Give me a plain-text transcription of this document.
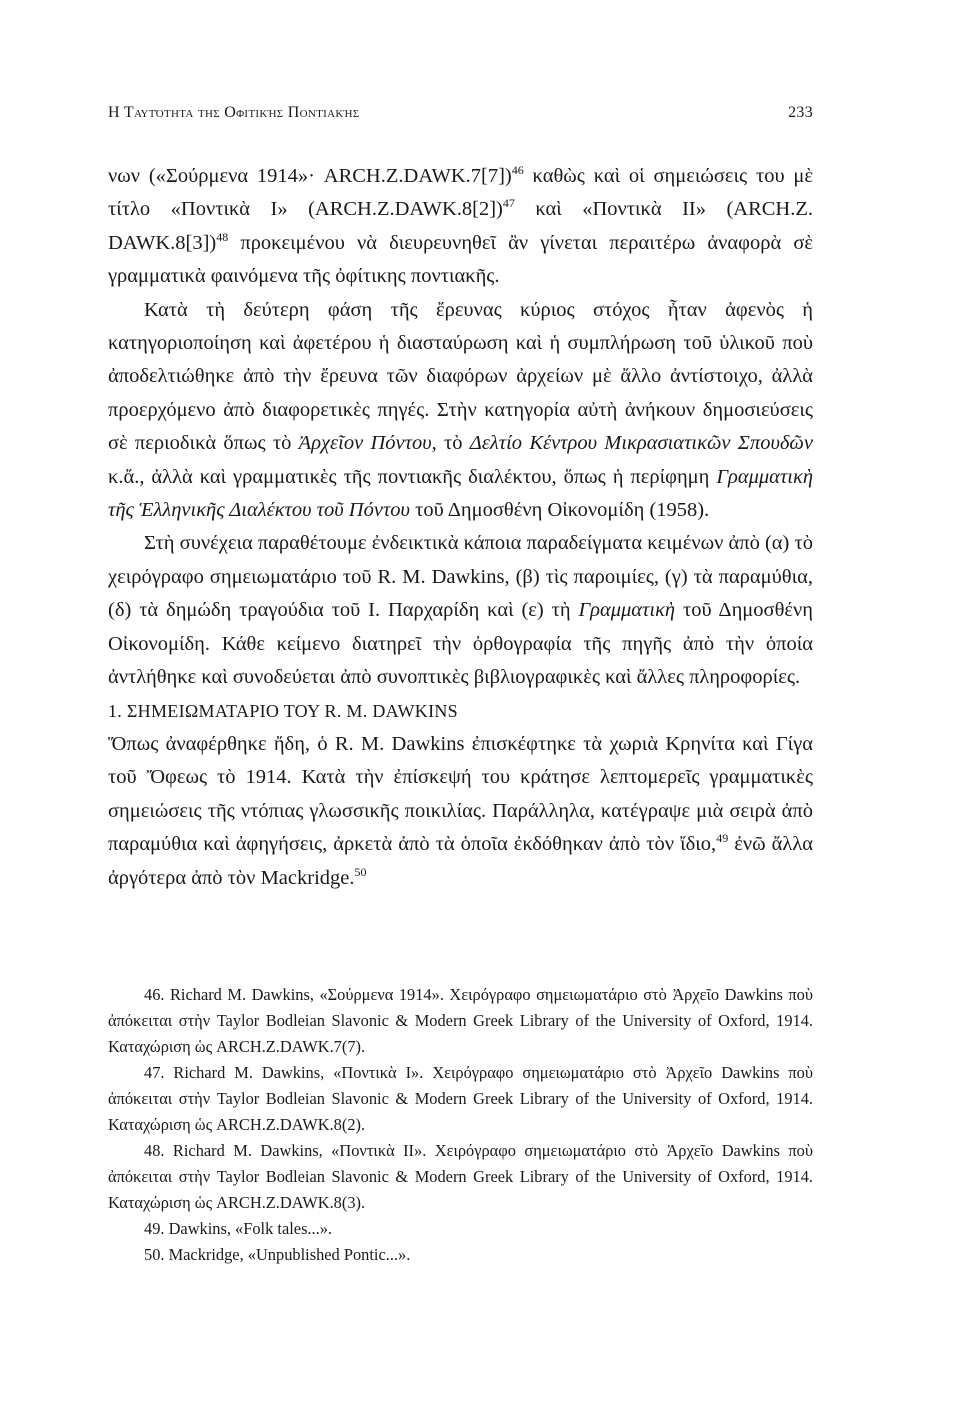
Η Ταυτότητα της Οφιτικής Ποντιακής	233

νων («Σούρμενα 1914»· ARCH.Z.DAWK.7[7])$^{46}$ καθὼς καὶ οἱ σημειώσεις του μὲ τίτλο «Ποντικὰ Ι» (ARCH.Z.DAWK.8[2])$^{47}$ καὶ «Ποντικὰ ΙΙ» (ARCH.Z. DAWK.8[3])$^{48}$ προκειμένου νὰ διευρευνηθεῖ ἂν γίνεται περαιτέρω ἀναφορὰ σὲ γραμματικὰ φαινόμενα τῆς ὀφίτικης ποντιακῆς.

Κατὰ τὴ δεύτερη φάση τῆς ἔρευνας κύριος στόχος ἦταν ἀφενὸς ἡ κατηγοριοποίηση καὶ ἀφετέρου ἡ διασταύρωση καὶ ἡ συμπλήρωση τοῦ ὑλικοῦ ποὺ ἀποδελτιώθηκε ἀπὸ τὴν ἔρευνα τῶν διαφόρων ἀρχείων μὲ ἄλλο ἀντίστοιχο, ἀλλὰ προερχόμενο ἀπὸ διαφορετικὲς πηγές. Στὴν κατηγορία αὐτὴ ἀνήκουν δημοσιεύσεις σὲ περιοδικὰ ὅπως τὸ Ἀρχεῖον Πόντου, τὸ Δελτίο Κέντρου Μικρασιατικῶν Σπουδῶν κ.ἄ., ἀλλὰ καὶ γραμματικὲς τῆς ποντιακῆς διαλέκτου, ὅπως ἡ περίφημη Γραμματικὴ τῆς Ἑλληνικῆς Διαλέκτου τοῦ Πόντου τοῦ Δημοσθένη Οἰκονομίδη (1958).

Στὴ συνέχεια παραθέτουμε ἐνδεικτικὰ κάποια παραδείγματα κειμένων ἀπὸ (α) τὸ χειρόγραφο σημειωματάριο τοῦ R. M. Dawkins, (β) τὶς παροιμίες, (γ) τὰ παραμύθια, (δ) τὰ δημώδη τραγούδια τοῦ Ι. Παρχαρίδη καὶ (ε) τὴ Γραμματικὴ τοῦ Δημοσθένη Οἰκονομίδη. Κάθε κείμενο διατηρεῖ τὴν ὀρθογραφία τῆς πηγῆς ἀπὸ τὴν ὁποία ἀντλήθηκε καὶ συνοδεύεται ἀπὸ συνοπτικὲς βιβλιογραφικὲς καὶ ἄλλες πληροφορίες.

1. ΣΗΜΕΙΩΜΑΤΑΡΙΟ ΤΟΥ R. M. DAWKINS

Ὅπως ἀναφέρθηκε ἤδη, ὁ R. M. Dawkins ἐπισκέφτηκε τὰ χωριὰ Κρηνίτα καὶ Γίγα τοῦ Ὄφεως τὸ 1914. Κατὰ τὴν ἐπίσκεψή του κράτησε λεπτομερεῖς γραμματικὲς σημειώσεις τῆς ντόπιας γλωσσικῆς ποικιλίας. Παράλληλα, κατέγραψε μιὰ σειρὰ ἀπὸ παραμύθια καὶ ἀφηγήσεις, ἀρκετὰ ἀπὸ τὰ ὁποῖα ἐκδόθηκαν ἀπὸ τὸν ἴδιο,$^{49}$ ἐνῶ ἄλλα ἀργότερα ἀπὸ τὸν Mackridge.$^{50}$

46. Richard M. Dawkins, «Σούρμενα 1914». Χειρόγραφο σημειωματάριο στὸ Ἀρχεῖο Dawkins ποὺ ἀπόκειται στὴν Taylor Bodleian Slavonic & Modern Greek Library of the University of Oxford, 1914. Καταχώριση ὡς ARCH.Z.DAWK.7(7).

47. Richard M. Dawkins, «Ποντικὰ Ι». Χειρόγραφο σημειωματάριο στὸ Ἀρχεῖο Dawkins ποὺ ἀπόκειται στὴν Taylor Bodleian Slavonic & Modern Greek Library of the University of Oxford, 1914. Καταχώριση ὡς ARCH.Z.DAWK.8(2).

48. Richard M. Dawkins, «Ποντικὰ ΙΙ». Χειρόγραφο σημειωματάριο στὸ Ἀρχεῖο Dawkins ποὺ ἀπόκειται στὴν Taylor Bodleian Slavonic & Modern Greek Library of the University of Oxford, 1914. Καταχώριση ὡς ARCH.Z.DAWK.8(3).

49. Dawkins, «Folk tales...».

50. Mackridge, «Unpublished Pontic...».
